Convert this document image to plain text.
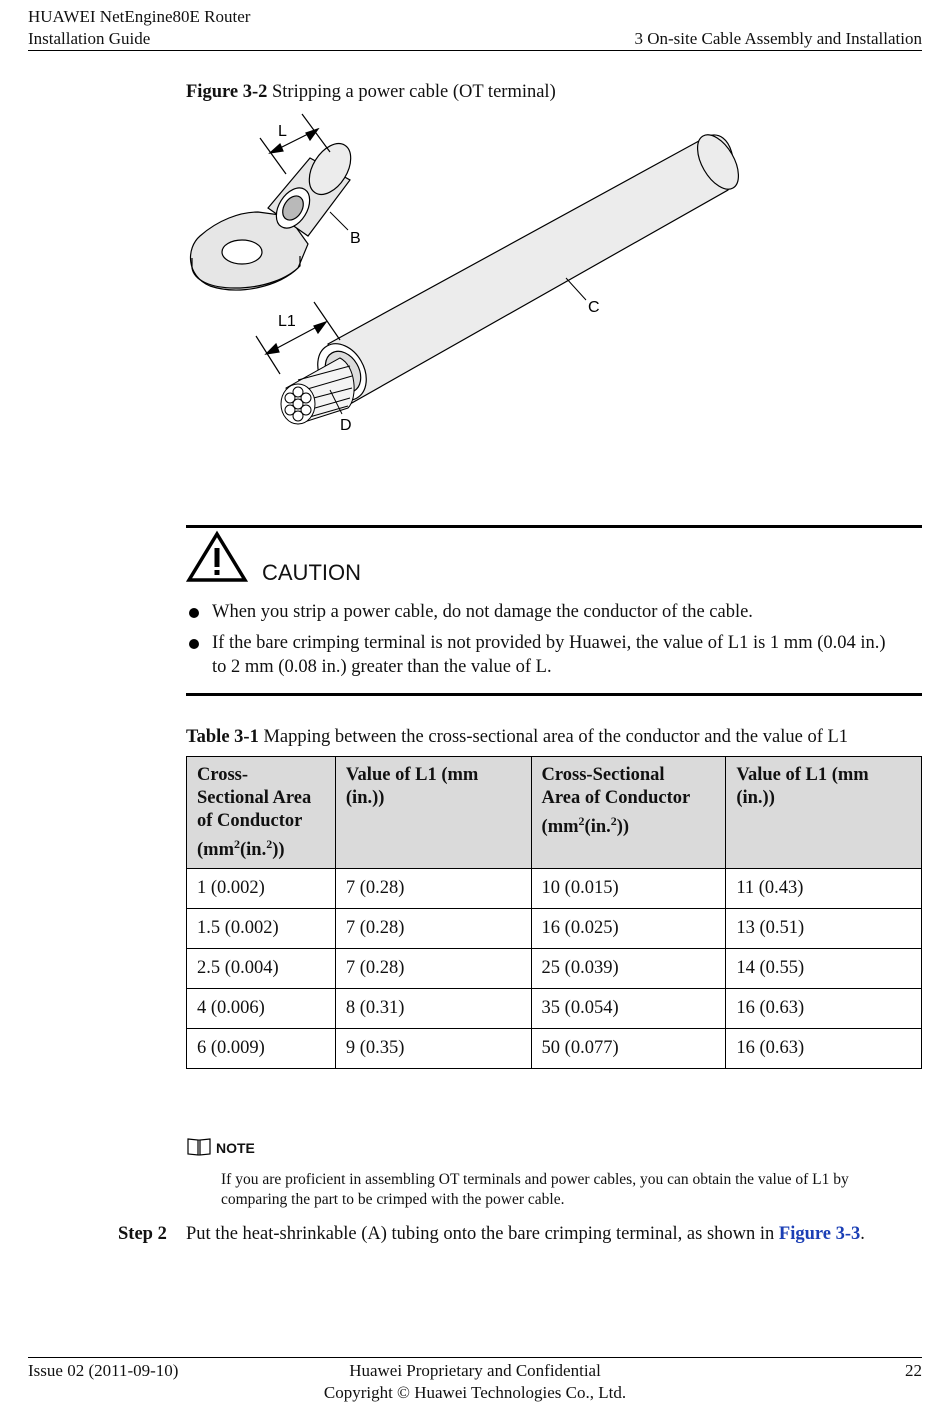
HUAWEI NetEngine80E Router
Installation Guide	3 On-site Cable Assembly and Installation
Figure 3-2 Stripping a power cable (OT terminal)
L
B
L1
C
D
CAUTION
When you strip a power cable, do not damage the conductor of the cable.
If the bare crimping terminal is not provided by Huawei, the value of L1 is 1 mm (0.04 in.)
to 2 mm (0.08 in.) greater than the value of L.
Table 3-1 Mapping between the cross-sectional area of the conductor and the value of L1
Cross-
Sectional Area
of Conductor
$(mm^2(in.^2))$	Value of L1 (mm
(in.))	Cross-Sectional
Area of Conductor
$(mm^2(in.^2))$	Value of L1 (mm
(in.))
1 (0.002)	7 (0.28)	10 (0.015)	11 (0.43)
1.5 (0.002)	7 (0.28)	16 (0.025)	13 (0.51)
2.5 (0.004)	7 (0.28)	25 (0.039)	14 (0.55)
4 (0.006)	8 (0.31)	35 (0.054)	16 (0.63)
6 (0.009)	9 (0.35)	50 (0.077)	16 (0.63)
NOTE
If you are proficient in assembling OT terminals and power cables, you can obtain the value of L1 by
comparing the part to be crimped with the power cable.
Step 2 Put the heat-shrinkable (A) tubing onto the bare crimping terminal, as shown in Figure 3-3.
Issue 02 (2011-09-10)	Huawei Proprietary and Confidential
Copyright © Huawei Technologies Co., Ltd.
22
